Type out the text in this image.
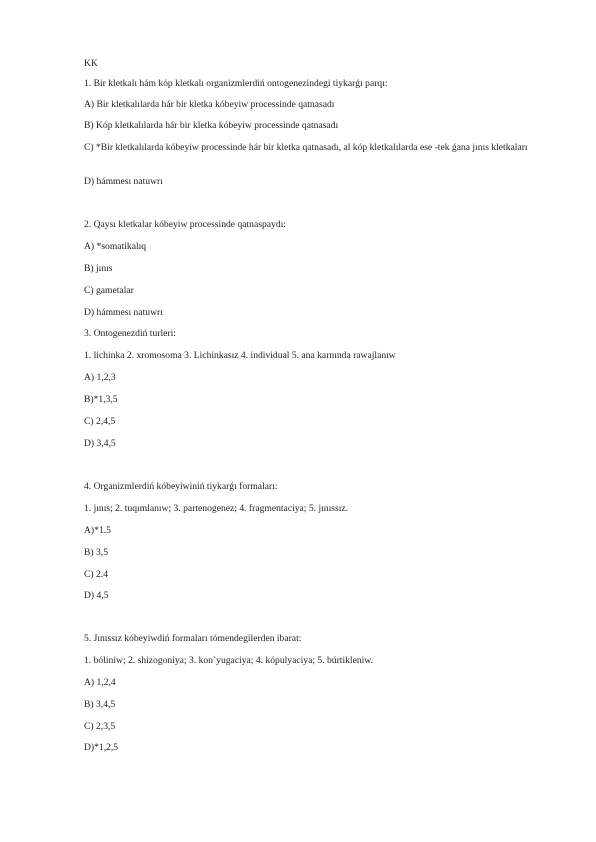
KK

1. Bir kletkalı hám kóp kletkalı organizmlerdiń ontogenezindegi tiykarǵı parqı:

A) Bir kletkalılarda hár bir kletka kóbeyiw processinde qatnasadı

B) Kóp kletkalılarda hár bir kletka kóbeyiw processinde qatnasadı

C) *Bir kletkalılarda kóbeyiw processinde hár bir kletka qatnasadı, al kóp kletkalılarda ese -tek ǵana jınıs kletkaları

D) hámmesı natuwrı

2. Qaysı kletkalar kóbeyiw processinde qatnaspaydı:

A) *somatikalıq

B) jınıs

C) gametalar

D) hámmesı natuwrı

3. Ontogenezdiń turleri:

1. lichinka 2. xromosoma 3. Lichinkasız 4. individual 5. ana karnında rawajlanıw

A) 1,2,3

B)*1,3,5

C) 2,4,5

D) 3,4,5

4. Organizmlerdiń kóbeyiwiniń tiykarǵı formaları:

1. jınıs; 2. tuqımlanıw; 3. partenogenez; 4. fragmentaciya; 5. jınıssız.

A)*1.5

B) 3,5

C) 2.4

D) 4,5

5. Jınıssız kóbeyiwdiń formaları tómendegilerden ibarat:

1. bóliniw; 2. shizogoniya; 3. kon`yugaciya; 4. kópulyaciya; 5. búrtikleniw.

A) 1,2,4

B) 3,4,5

C) 2,3,5

D)*1,2,5
